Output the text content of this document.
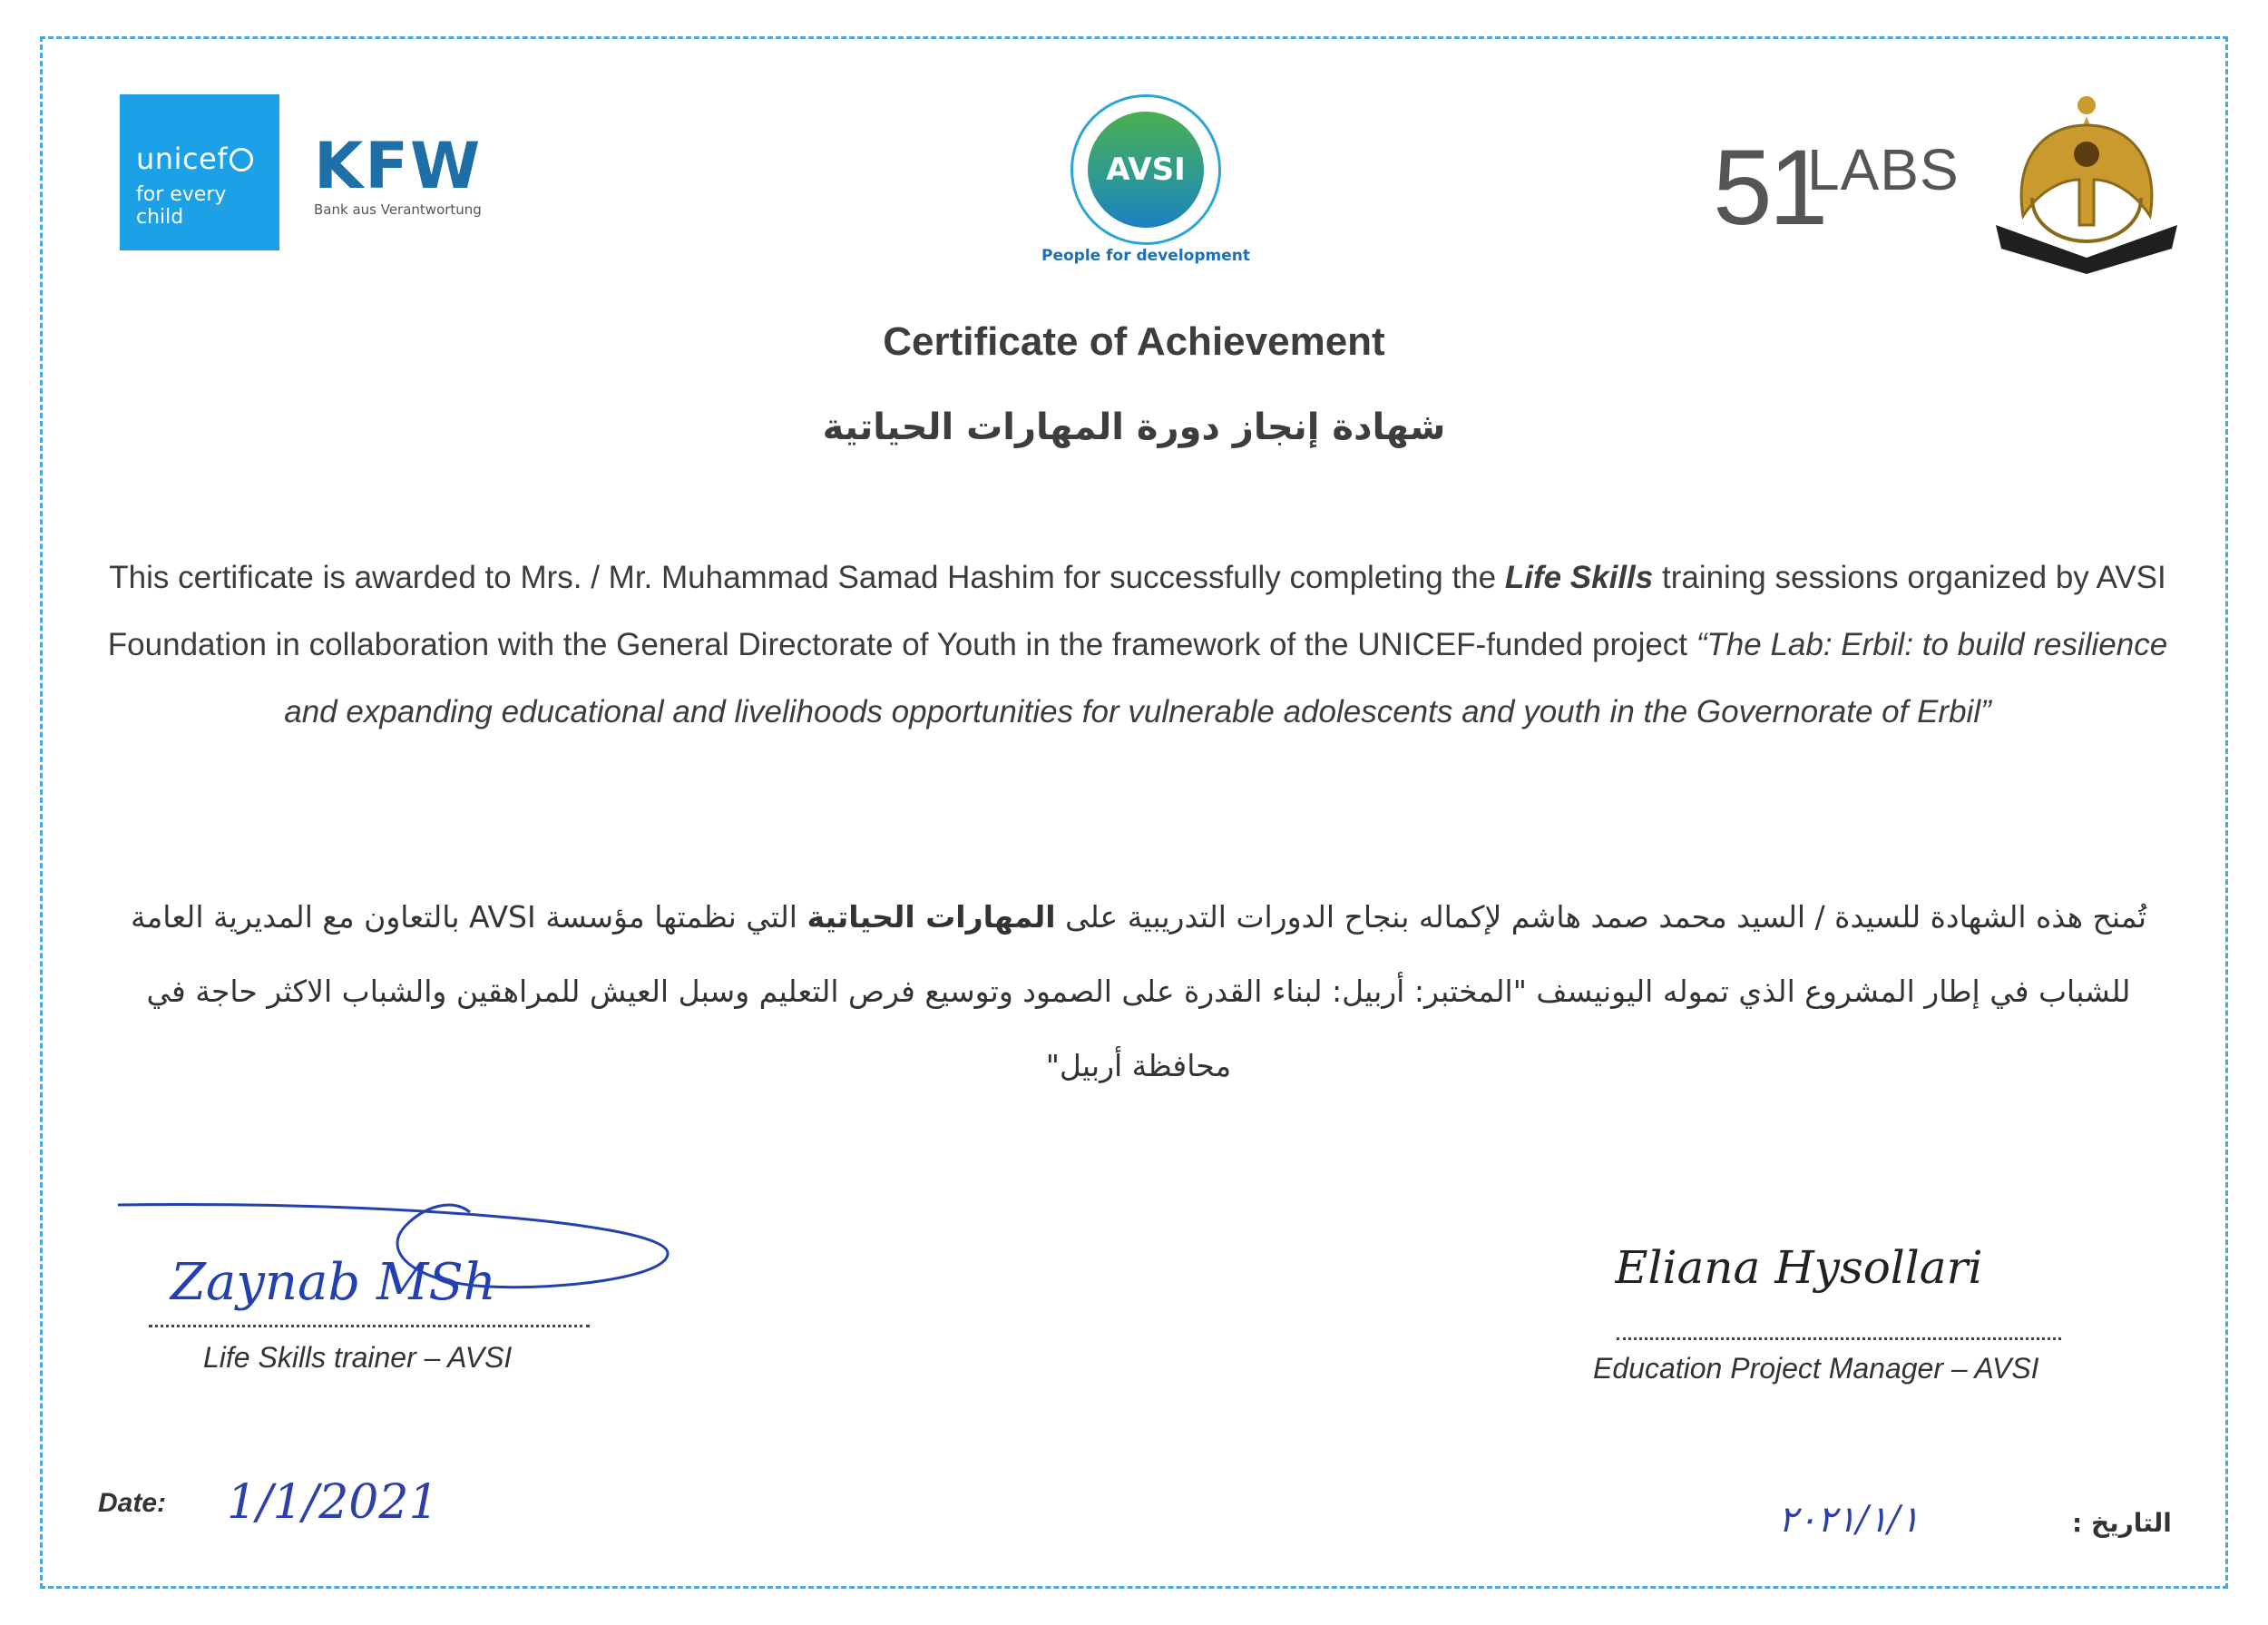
unicef
for every child
KFW
Bank aus Verantwortung
AVSI
People for development
51
LABS
Certificate of Achievement
شهادة إنجاز دورة المهارات الحياتية
This certificate is awarded to Mrs. / Mr. Muhammad Samad Hashim for successfully completing the Life Skills training sessions organized by AVSI Foundation in collaboration with the General Directorate of Youth in the framework of the UNICEF-funded project “The Lab: Erbil: to build resilience and expanding educational and livelihoods opportunities for vulnerable adolescents and youth in the Governorate of Erbil”
تُمنح هذه الشهادة للسيدة / السيد محمد صمد هاشم لإكماله بنجاح الدورات التدريبية على المهارات الحياتية التي نظمتها مؤسسة AVSI بالتعاون مع المديرية العامة للشباب في إطار المشروع الذي تموله اليونيسف "المختبر: أربيل: لبناء القدرة على الصمود وتوسيع فرص التعليم وسبل العيش للمراهقين والشباب الاكثر حاجة في محافظة أربيل"
Zaynab MSh
Life Skills trainer – AVSI
Eliana Hysollari
Education Project Manager – AVSI
Date: 1/1/2021	٢٠٢١/١/١	التاريخ :
